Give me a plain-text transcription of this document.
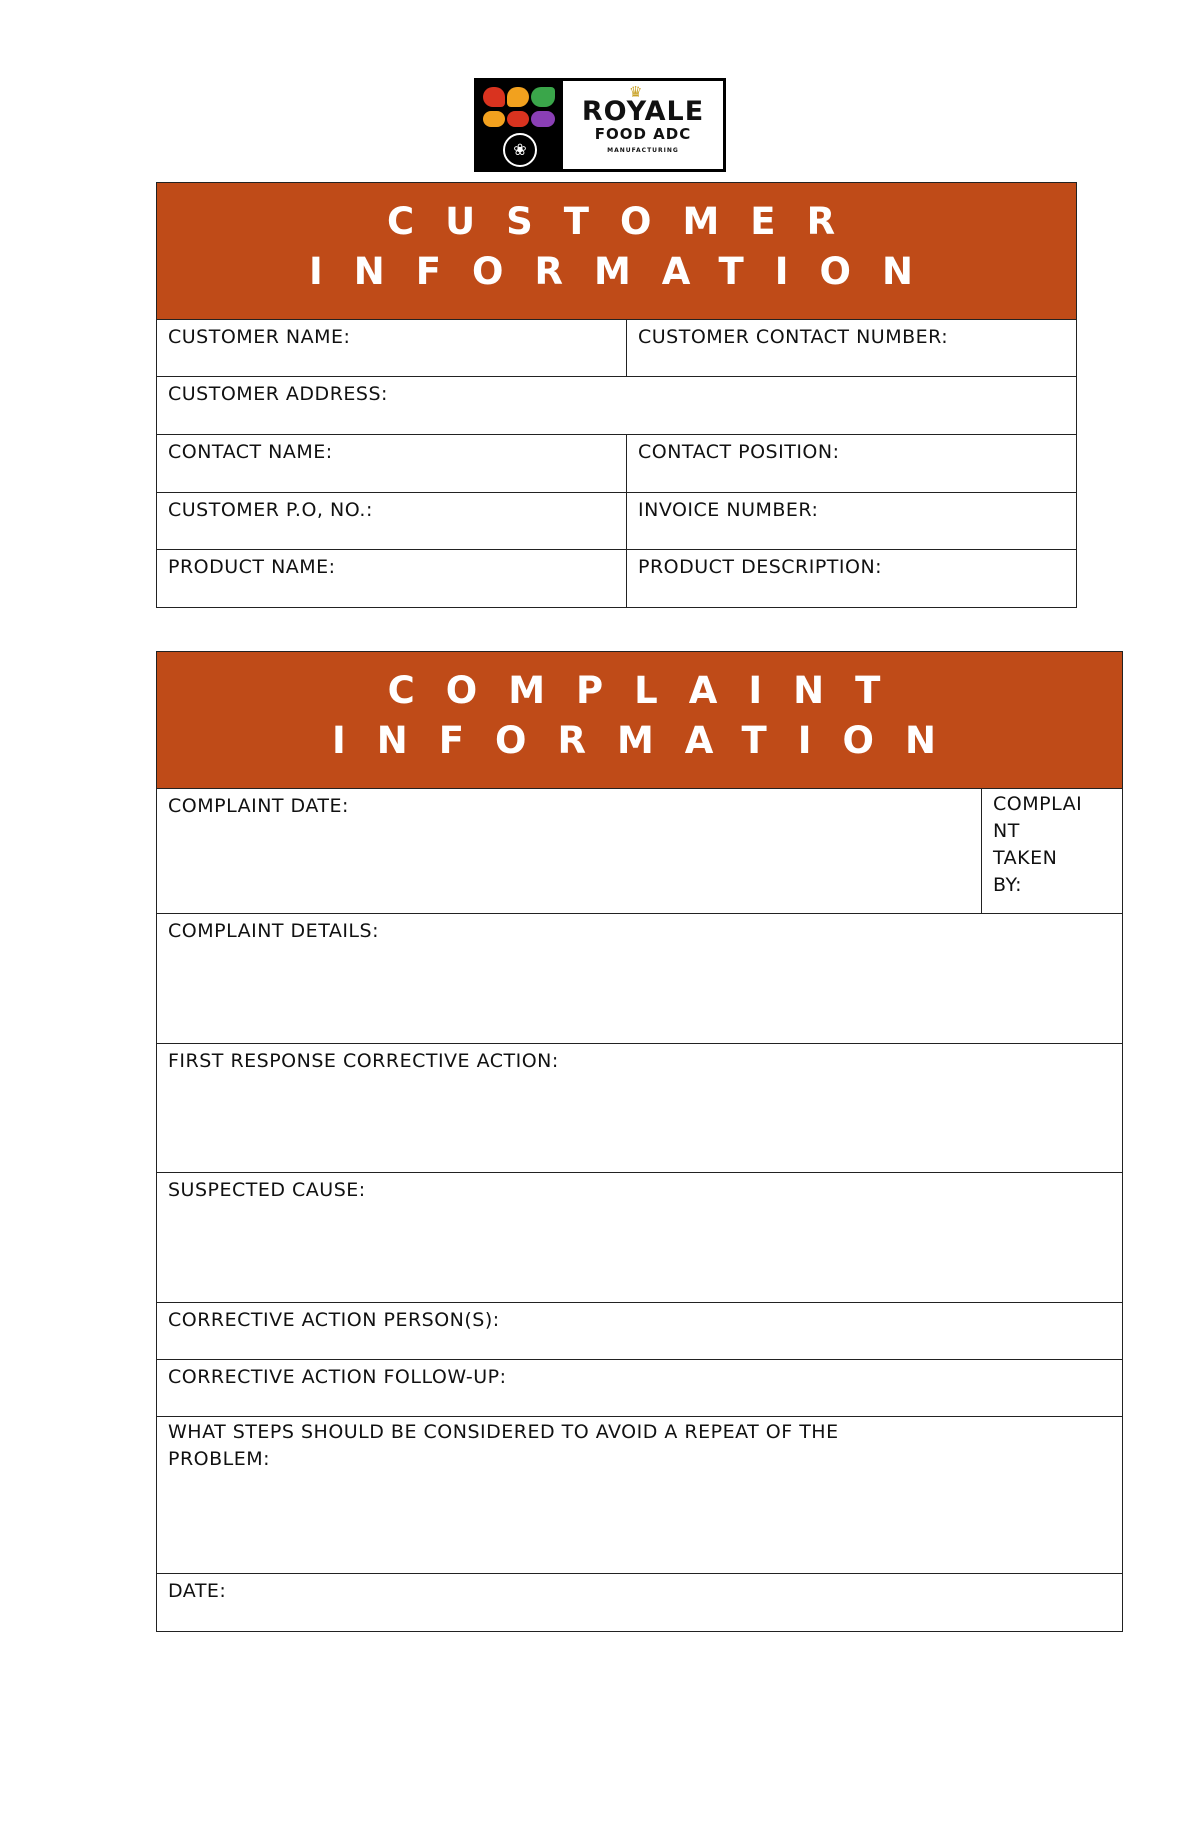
❀
♛
ROYALE
FOOD ADC
MANUFACTURING
CUSTOMER
INFORMATION	

CUSTOMER NAME:	CUSTOMER CONTACT NUMBER:
CUSTOMER ADDRESS:	
CONTACT NAME:	CONTACT POSITION:
CUSTOMER P.O, NO.:	INVOICE NUMBER:
PRODUCT NAME:	PRODUCT DESCRIPTION:
COMPLAINT
INFORMATION

COMPLAINT DATE:	COMPLAI
NT
TAKEN
BY:

COMPLAINT DETAILS:
FIRST RESPONSE CORRECTIVE ACTION:
SUSPECTED CAUSE:
CORRECTIVE ACTION PERSON(S):
CORRECTIVE ACTION FOLLOW-UP:

WHAT STEPS SHOULD BE CONSIDERED TO AVOID A REPEAT OF THE
PROBLEM:

DATE:
